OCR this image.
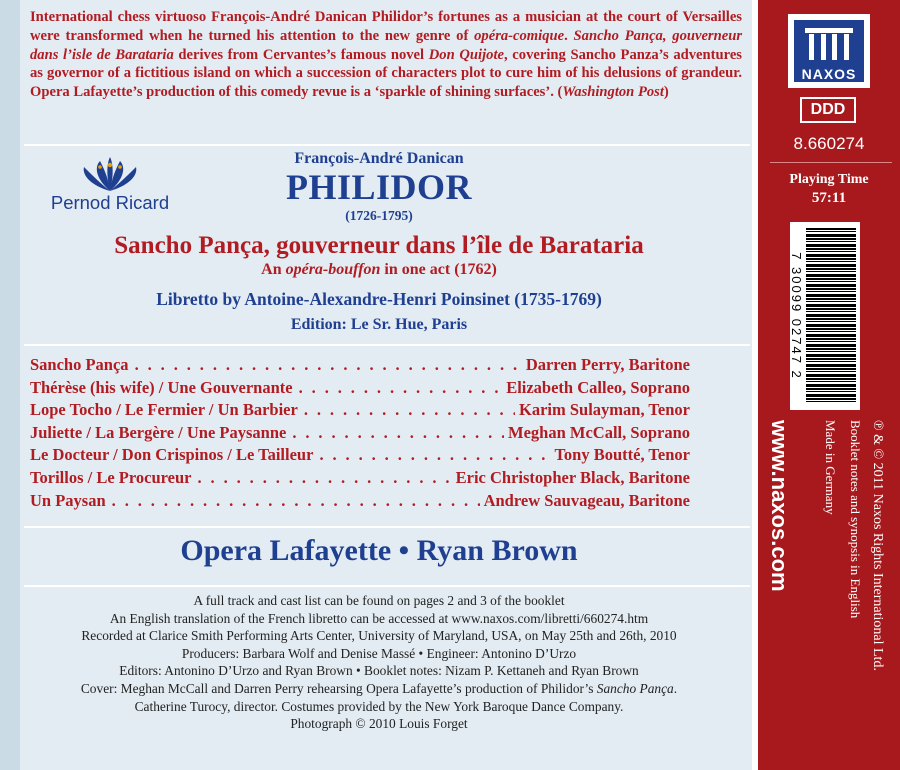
International chess virtuoso François-André Danican Philidor’s fortunes as a musician at the court of Versailles were transformed when he turned his attention to the new genre of opéra-comique. Sancho Pança, gouverneur dans l’isle de Barataria derives from Cervantes’s famous novel Don Quijote, covering Sancho Panza’s adventures as governor of a fictitious island on which a succession of characters plot to cure him of his delusions of grandeur. Opera Lafayette’s production of this comedy revue is a ‘sparkle of shining surfaces’. (Washington Post)
Pernod Ricard
François-André Danican
PHILIDOR
(1726-1795)
Sancho Pança, gouverneur dans l’île de Barataria
An opéra-bouffon in one act (1762)
Libretto by Antoine-Alexandre-Henri Poinsinet (1735-1769)
Edition: Le Sr. Hue, Paris
Sancho Pança . . .	Darren Perry, Baritone
Thérèse (his wife) / Une Gouvernante . . .	Elizabeth Calleo, Soprano
Lope Tocho / Le Fermier / Un Barbier . . .	Karim Sulayman, Tenor
Juliette / La Bergère / Une Paysanne . . .	Meghan McCall, Soprano
Le Docteur / Don Crispinos / Le Tailleur . . .	Tony Boutté, Tenor
Torillos / Le Procureur . . .	Eric Christopher Black, Baritone
Un Paysan . . .	Andrew Sauvageau, Baritone
Opera Lafayette • Ryan Brown

A full track and cast list can be found on pages 2 and 3 of the booklet

An English translation of the French libretto can be accessed at www.naxos.com/libretti/660274.htm

Recorded at Clarice Smith Performing Arts Center, University of Maryland, USA, on May 25th and 26th, 2010

Producers: Barbara Wolf and Denise Massé • Engineer: Antonino D’Urzo

Editors: Antonino D’Urzo and Ryan Brown • Booklet notes: Nizam P. Kettaneh and Ryan Brown

Cover: Meghan McCall and Darren Perry rehearsing Opera Lafayette’s production of Philidor’s Sancho Pança.

Catherine Turocy, director. Costumes provided by the New York Baroque Dance Company.

Photograph © 2010 Louis Forget

NAXOS
DDD
8.660274
Playing Time
57:11
7 30099 02747 2
www.naxos.com	℗ & © 2011 Naxos Rights International Ltd.
Booklet notes and synopsis in English
Made in Germany
